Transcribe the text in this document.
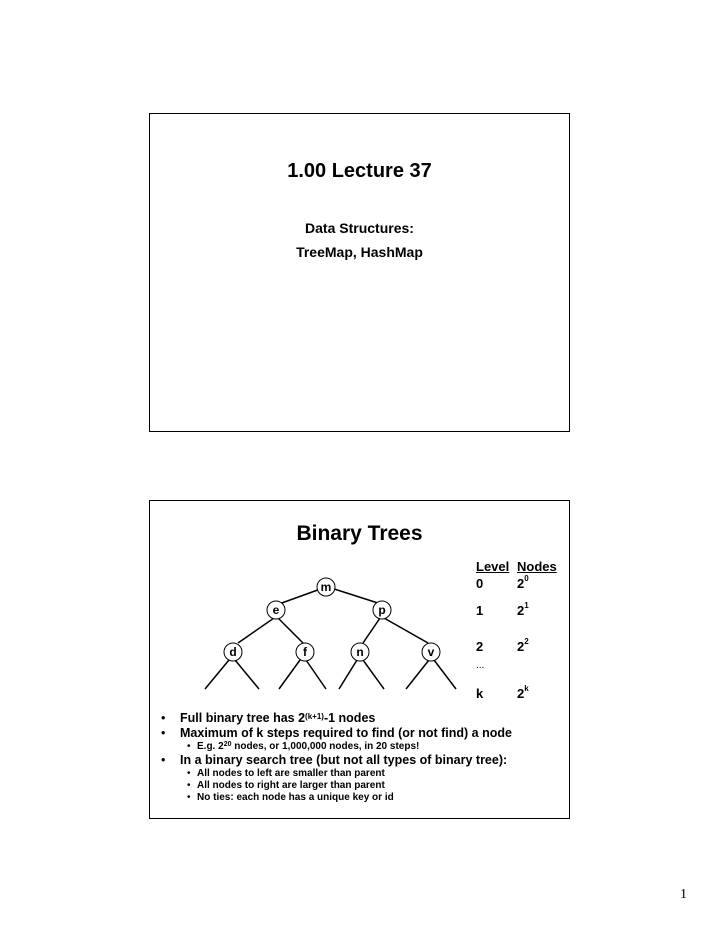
1.00 Lecture 37
Data Structures:
TreeMap, HashMap
Binary Trees
m
e	p
d	f	n	v
Level Nodes
0	$2^0$
1	$2^1$
2	$2^2$
...
k	2$^k$
• Full binary tree has $2^{(k+1)}-1$ nodes
• Maximum of k steps required to find (or not find) a node
• E.g. $2^{20}$ nodes, or 1,000,000 nodes, in 20 steps!
• In a binary search tree (but not all types of binary tree):
• All nodes to left are smaller than parent
• All nodes to right are larger than parent
• No ties: each node has a unique key or id
1
